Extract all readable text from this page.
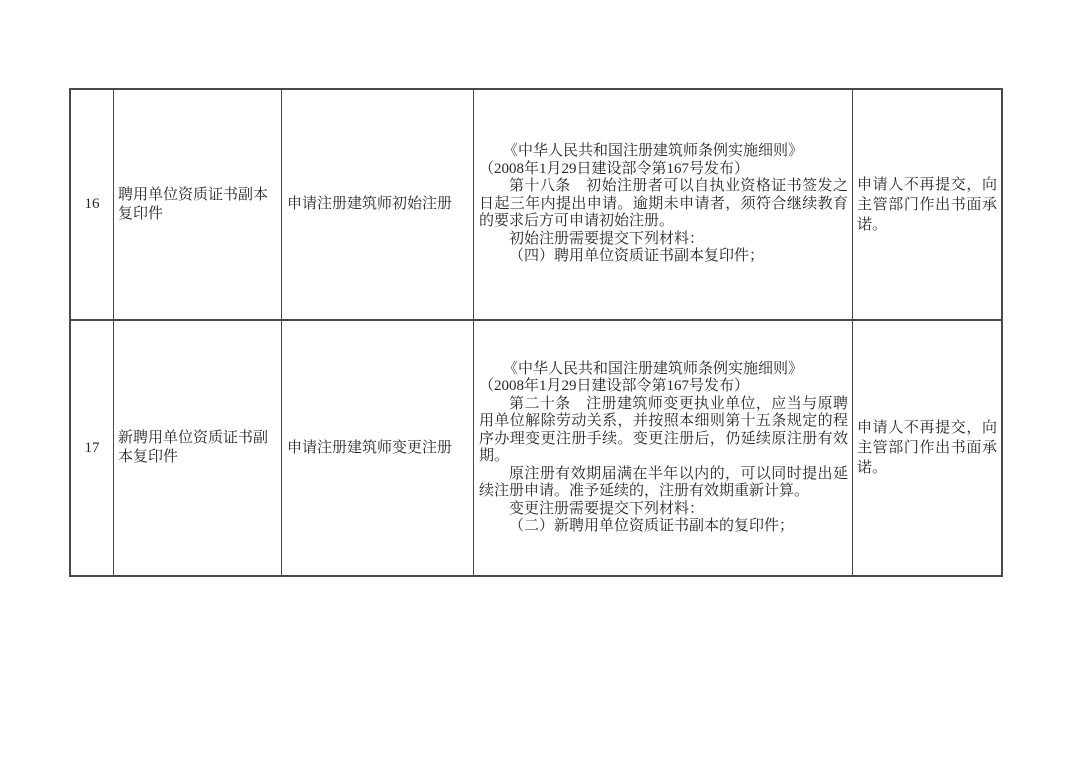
16
聘用单位资质证书副本复印件
申请注册建筑师初始注册

《中华人民共和国注册建筑师条例实施细则》

（2008年1月29日建设部令第167号发布）

第十八条　初始注册者可以自执业资格证书签发之日起三年内提出申请。逾期未申请者，须符合继续教育的要求后方可申请初始注册。

初始注册需要提交下列材料：

（四）聘用单位资质证书副本复印件；

申请人不再提交，向主管部门作出书面承诺。
17
新聘用单位资质证书副本复印件
申请注册建筑师变更注册

《中华人民共和国注册建筑师条例实施细则》

（2008年1月29日建设部令第167号发布）

第二十条　注册建筑师变更执业单位，应当与原聘用单位解除劳动关系，并按照本细则第十五条规定的程序办理变更注册手续。变更注册后，仍延续原注册有效期。

原注册有效期届满在半年以内的，可以同时提出延续注册申请。准予延续的，注册有效期重新计算。

变更注册需要提交下列材料：

（二）新聘用单位资质证书副本的复印件；

申请人不再提交，向主管部门作出书面承诺。
